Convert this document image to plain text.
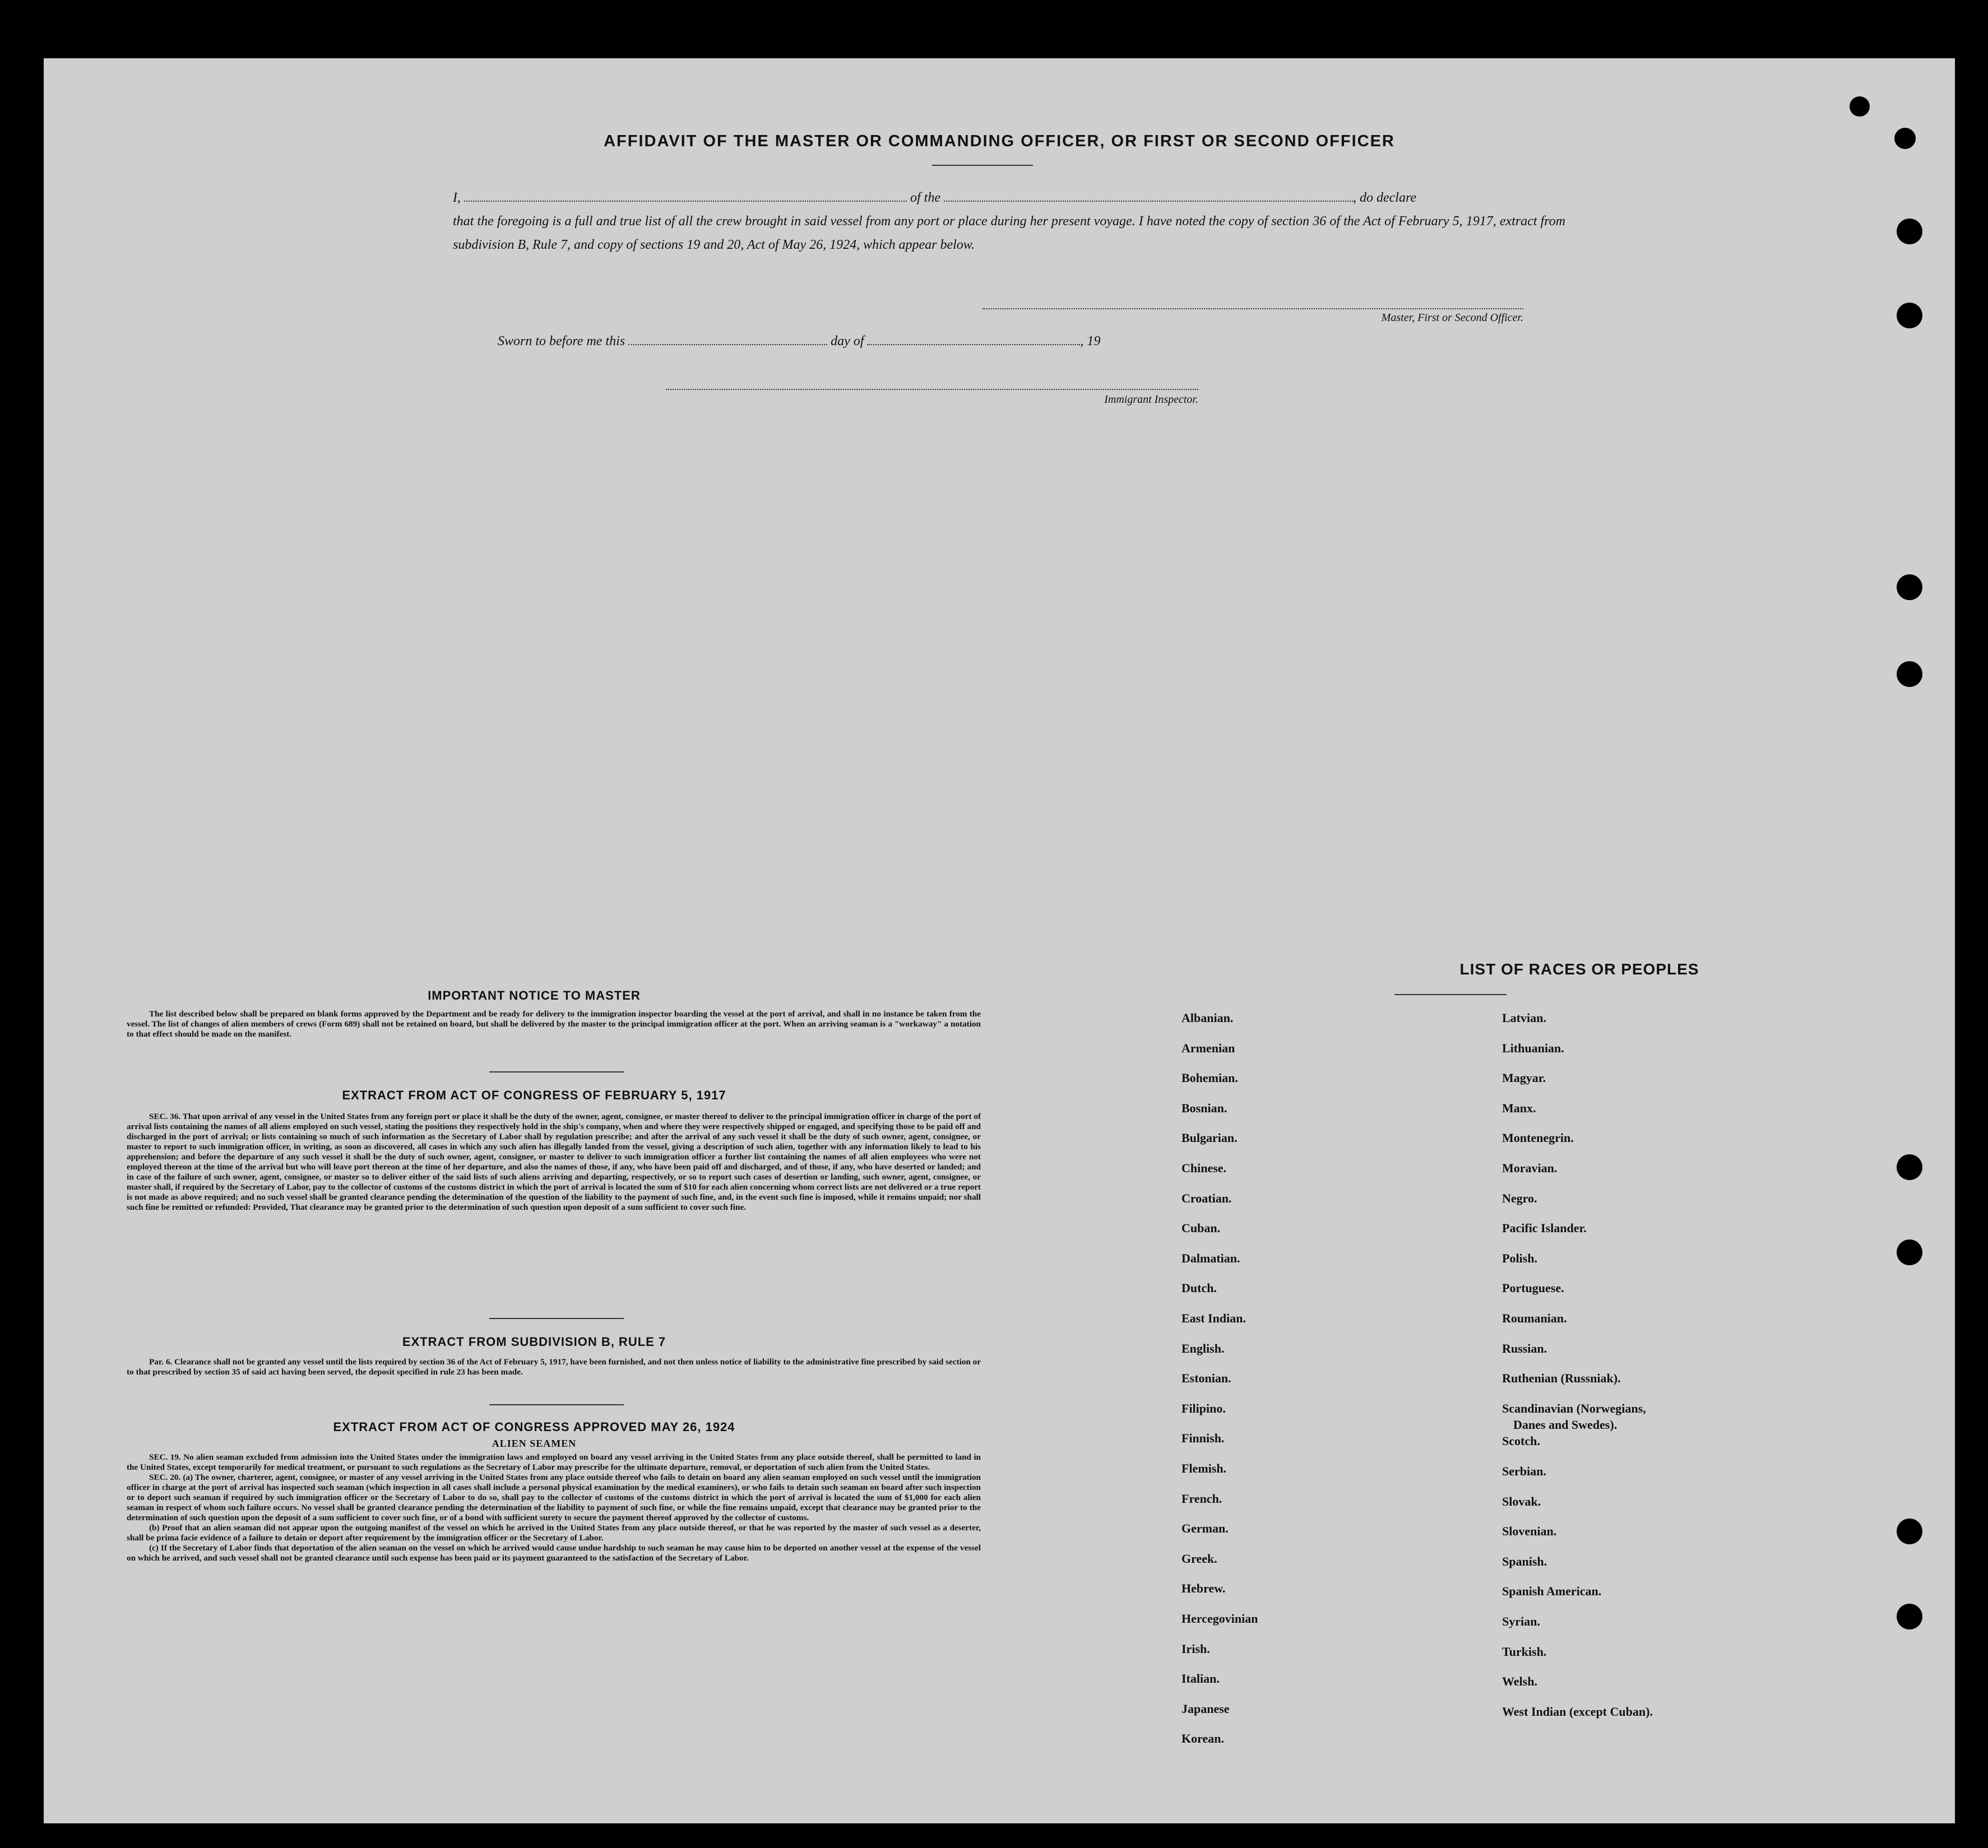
AFFIDAVIT OF THE MASTER OR COMMANDING OFFICER, OR FIRST OR SECOND OFFICER
I,	of the	, do declare
that the foregoing is a full and true list of all the crew brought in said vessel from any port or place during her present voyage. I have noted the copy of section 36 of the Act of February 5, 1917, extract from subdivision B, Rule 7, and copy of sections 19 and 20, Act of May 26, 1924, which appear below.
Master, First or Second Officer.
Sworn to before me this	day of	, 19
Immigrant Inspector.
IMPORTANT NOTICE TO MASTER
The list described below shall be prepared on blank forms approved by the Department and be ready for delivery to the immigration inspector boarding the vessel at the port of arrival, and shall in no instance be taken from the vessel. The list of changes of alien members of crews (Form 689) shall not be retained on board, but shall be delivered by the master to the principal immigration officer at the port. When an arriving seaman is a "workaway" a notation to that effect should be made on the manifest.
EXTRACT FROM ACT OF CONGRESS OF FEBRUARY 5, 1917
SEC. 36. That upon arrival of any vessel in the United States from any foreign port or place it shall be the duty of the owner, agent, consignee, or master thereof to deliver to the principal immigration officer in charge of the port of arrival lists containing the names of all aliens employed on such vessel, stating the positions they respectively hold in the ship's company, when and where they were respectively shipped or engaged, and specifying those to be paid off and discharged in the port of arrival; or lists containing so much of such information as the Secretary of Labor shall by regulation prescribe; and after the arrival of any such vessel it shall be the duty of such owner, agent, consignee, or master to report to such immigration officer, in writing, as soon as discovered, all cases in which any such alien has illegally landed from the vessel, giving a description of such alien, together with any information likely to lead to his apprehension; and before the departure of any such vessel it shall be the duty of such owner, agent, consignee, or master to deliver to such immigration officer a further list containing the names of all alien employees who were not employed thereon at the time of the arrival but who will leave port thereon at the time of her departure, and also the names of those, if any, who have been paid off and discharged, and of those, if any, who have deserted or landed; and in case of the failure of such owner, agent, consignee, or master so to deliver either of the said lists of such aliens arriving and departing, respectively, or so to report such cases of desertion or landing, such owner, agent, consignee, or master shall, if required by the Secretary of Labor, pay to the collector of customs of the customs district in which the port of arrival is located the sum of $10 for each alien concerning whom correct lists are not delivered or a true report is not made as above required; and no such vessel shall be granted clearance pending the determination of the question of the liability to the payment of such fine, and, in the event such fine is imposed, while it remains unpaid; nor shall such fine be remitted or refunded: Provided, That clearance may be granted prior to the determination of such question upon deposit of a sum sufficient to cover such fine.
EXTRACT FROM SUBDIVISION B, RULE 7
Par. 6. Clearance shall not be granted any vessel until the lists required by section 36 of the Act of February 5, 1917, have been furnished, and not then unless notice of liability to the administrative fine prescribed by said section or to that prescribed by section 35 of said act having been served, the deposit specified in rule 23 has been made.
EXTRACT FROM ACT OF CONGRESS APPROVED MAY 26, 1924
ALIEN SEAMEN
SEC. 19. No alien seaman excluded from admission into the United States under the immigration laws and employed on board any vessel arriving in the United States from any place outside thereof, shall be permitted to land in the United States, except temporarily for medical treatment, or pursuant to such regulations as the Secretary of Labor may prescribe for the ultimate departure, removal, or deportation of such alien from the United States.
SEC. 20. (a) The owner, charterer, agent, consignee, or master of any vessel arriving in the United States from any place outside thereof who fails to detain on board any alien seaman employed on such vessel until the immigration officer in charge at the port of arrival has inspected such seaman (which inspection in all cases shall include a personal physical examination by the medical examiners), or who fails to detain such seaman on board after such inspection or to deport such seaman if required by such immigration officer or the Secretary of Labor to do so, shall pay to the collector of customs of the customs district in which the port of arrival is located the sum of $1,000 for each alien seaman in respect of whom such failure occurs. No vessel shall be granted clearance pending the determination of the liability to payment of such fine, or while the fine remains unpaid, except that clearance may be granted prior to the determination of such question upon the deposit of a sum sufficient to cover such fine, or of a bond with sufficient surety to secure the payment thereof approved by the collector of customs.
(b) Proof that an alien seaman did not appear upon the outgoing manifest of the vessel on which he arrived in the United States from any place outside thereof, or that he was reported by the master of such vessel as a deserter, shall be prima facie evidence of a failure to detain or deport after requirement by the immigration officer or the Secretary of Labor.
(c) If the Secretary of Labor finds that deportation of the alien seaman on the vessel on which he arrived would cause undue hardship to such seaman he may cause him to be deported on another vessel at the expense of the vessel on which he arrived, and such vessel shall not be granted clearance until such expense has been paid or its payment guaranteed to the satisfaction of the Secretary of Labor.
LIST OF RACES OR PEOPLES
Albanian.
Armenian
Bohemian.
Bosnian.
Bulgarian.
Chinese.
Croatian.
Cuban.
Dalmatian.
Dutch.
East Indian.
English.
Estonian.
Filipino.
Finnish.
Flemish.
French.
German.
Greek.
Hebrew.
Hercegovinian
Irish.
Italian.
Japanese
Korean.
Latvian.
Lithuanian.
Magyar.
Manx.
Montenegrin.
Moravian.
Negro.
Pacific Islander.
Polish.
Portuguese.
Roumanian.
Russian.
Ruthenian (Russniak).
Scandinavian (Norwegians,
Danes and Swedes).
Scotch.
Serbian.
Slovak.
Slovenian.
Spanish.
Spanish American.
Syrian.
Turkish.
Welsh.
West Indian (except Cuban).
